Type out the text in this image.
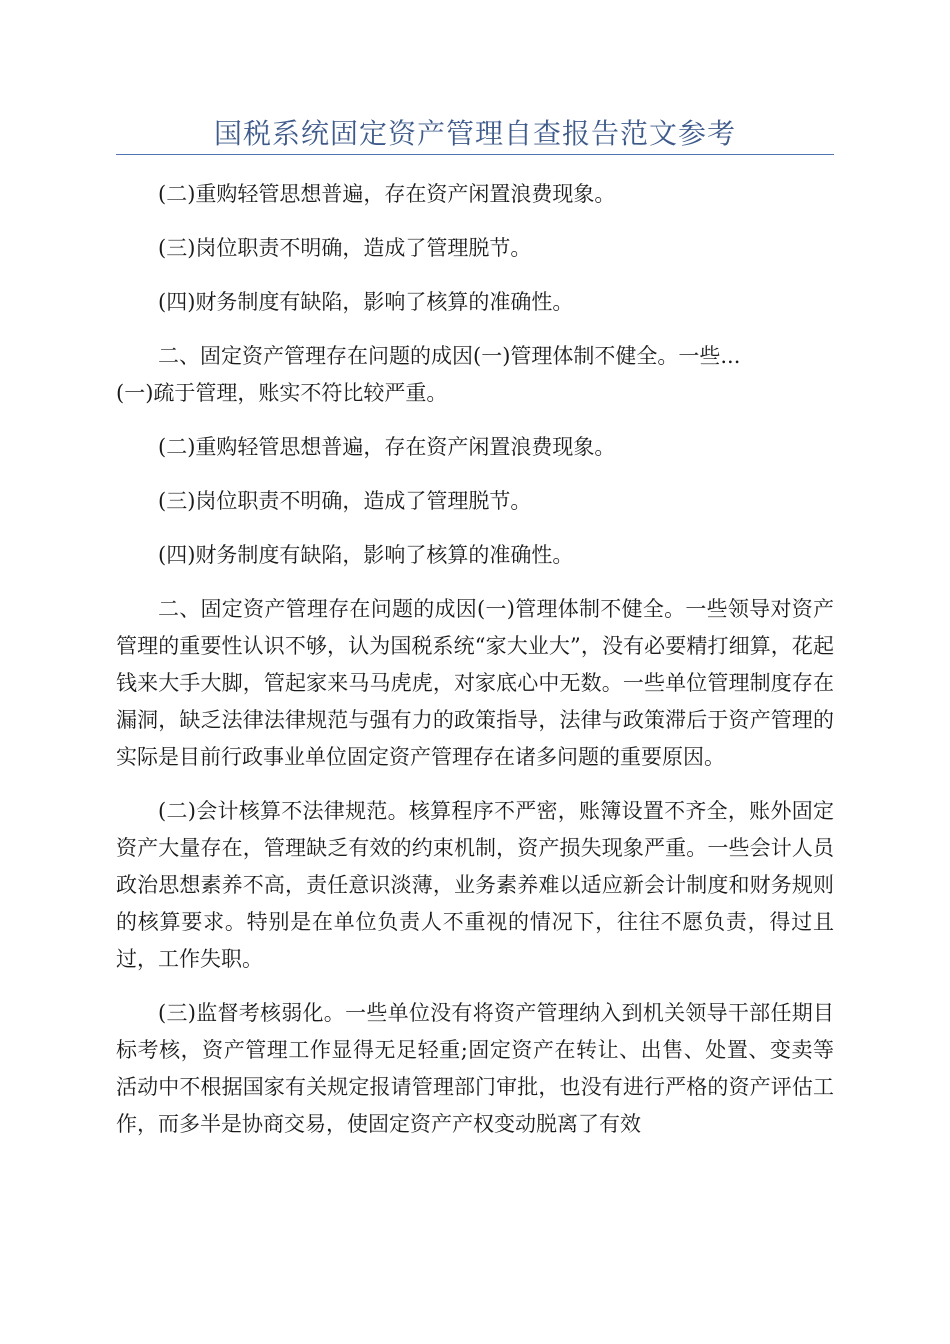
国税系统固定资产管理自查报告范文参考

(二)重购轻管思想普遍，存在资产闲置浪费现象。

(三)岗位职责不明确，造成了管理脱节。

(四)财务制度有缺陷，影响了核算的准确性。

二、固定资产管理存在问题的成因(一)管理体制不健全。一些...

(一)疏于管理，账实不符比较严重。

(二)重购轻管思想普遍，存在资产闲置浪费现象。

(三)岗位职责不明确，造成了管理脱节。

(四)财务制度有缺陷，影响了核算的准确性。

二、固定资产管理存在问题的成因(一)管理体制不健全。一些领导对资产管理的重要性认识不够，认为国税系统“家大业大”，没有必要精打细算，花起钱来大手大脚，管起家来马马虎虎，对家底心中无数。一些单位管理制度存在漏洞，缺乏法律法律规范与强有力的政策指导，法律与政策滞后于资产管理的实际是目前行政事业单位固定资产管理存在诸多问题的重要原因。

(二)会计核算不法律规范。核算程序不严密，账簿设置不齐全，账外固定资产大量存在，管理缺乏有效的约束机制，资产损失现象严重。一些会计人员政治思想素养不高，责任意识淡薄，业务素养难以适应新会计制度和财务规则的核算要求。特别是在单位负责人不重视的情况下，往往不愿负责，得过且过，工作失职。

(三)监督考核弱化。一些单位没有将资产管理纳入到机关领导干部任期目标考核，资产管理工作显得无足轻重;固定资产在转让、出售、处置、变卖等活动中不根据国家有关规定报请管理部门审批，也没有进行严格的资产评估工作，而多半是协商交易，使固定资产产权变动脱离了有效
